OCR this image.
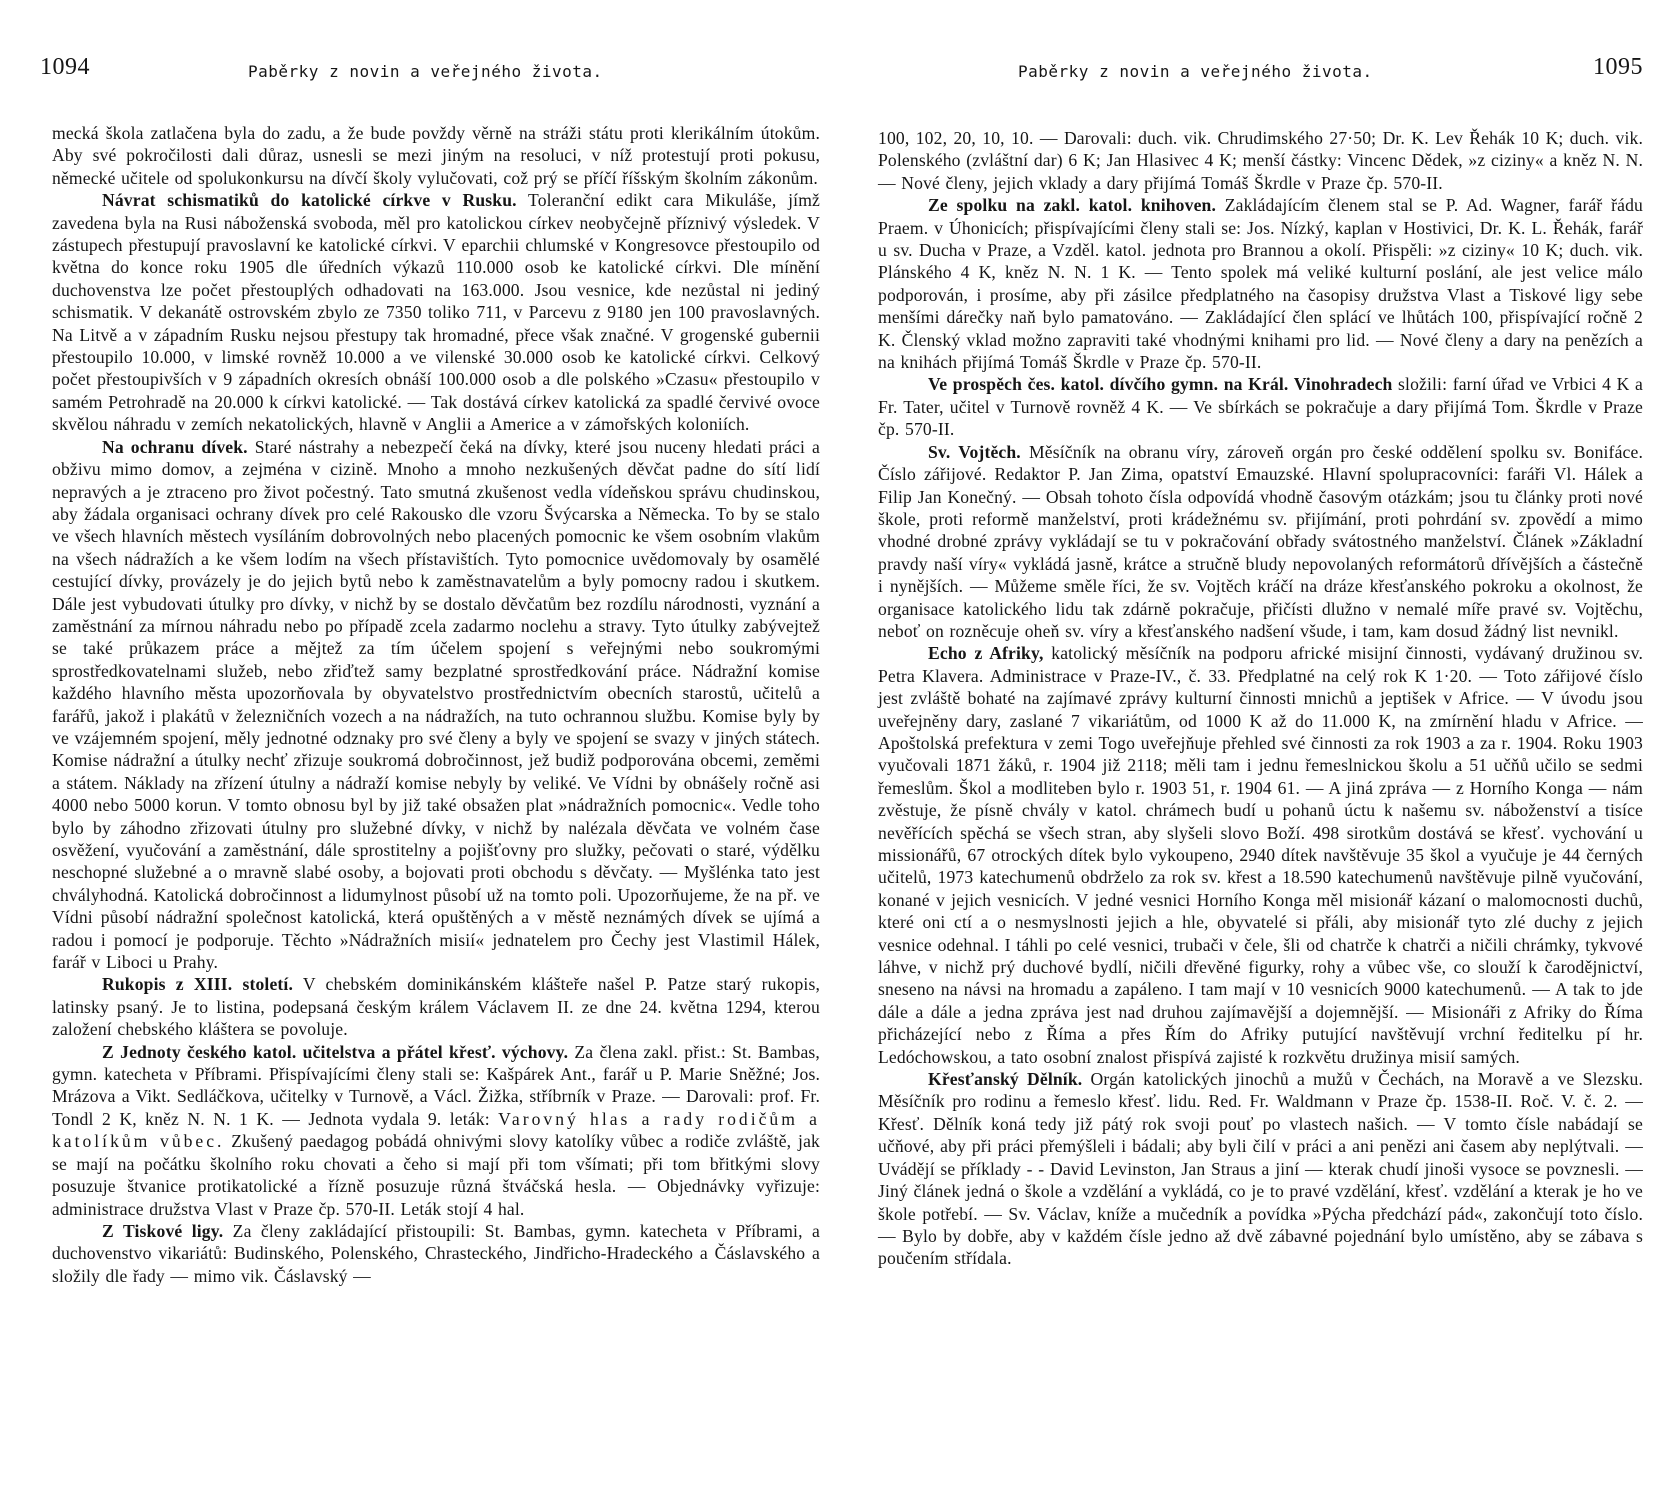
1094	Paběrky z novin a veřejného života.

mecká škola zatlačena byla do zadu, a že bude povždy věrně na stráži státu proti klerikálním útokům. Aby své pokročilosti dali důraz, usnesli se mezi jiným na resoluci, v níž protestují proti pokusu, německé učitele od spolukonkursu na dívčí školy vylučovati, což prý se příčí říšským školním zákonům.

Návrat schismatiků do katolické církve v Rusku. Toleranční edikt cara Mikuláše, jímž zavedena byla na Rusi náboženská svoboda, měl pro katolickou církev neobyčejně příznivý výsledek. V zástupech přestupují pravoslavní ke katolické církvi. V eparchii chlumské v Kongresovce přestoupilo od května do konce roku 1905 dle úředních výkazů 110.000 osob ke katolické církvi. Dle mínění duchovenstva lze počet přestouplých odhadovati na 163.000. Jsou vesnice, kde nezůstal ni jediný schismatik. V dekanátě ostrovském zbylo ze 7350 toliko 711, v Parcevu z 9180 jen 100 pravoslavných. Na Litvě a v západním Rusku nejsou přestupy tak hromadné, přece však značné. V grogenské gubernii přestoupilo 10.000, v limské rovněž 10.000 a ve vilenské 30.000 osob ke katolické církvi. Celkový počet přestoupivších v 9 západních okresích obnáší 100.000 osob a dle polského »Czasu« přestoupilo v samém Petrohradě na 20.000 k církvi katolické. — Tak dostává církev katolická za spadlé červivé ovoce skvělou náhradu v zemích nekatolických, hlavně v Anglii a Americe a v zámořských koloniích.

Na ochranu dívek. Staré nástrahy a nebezpečí čeká na dívky, které jsou nuceny hledati práci a obživu mimo domov, a zejména v cizině. Mnoho a mnoho nezkušených děvčat padne do sítí lidí nepravých a je ztraceno pro život počestný. Tato smutná zkušenost vedla vídeňskou správu chudinskou, aby žádala organisaci ochrany dívek pro celé Rakousko dle vzoru Švýcarska a Německa. To by se stalo ve všech hlavních městech vysíláním dobrovolných nebo placených pomocnic ke všem osobním vlakům na všech nádražích a ke všem lodím na všech přístavištích. Tyto pomocnice uvědomovaly by osamělé cestující dívky, provázely je do jejich bytů nebo k zaměstnavatelům a byly pomocny radou i skutkem. Dále jest vybudovati útulky pro dívky, v nichž by se dostalo děvčatům bez rozdílu národnosti, vyznání a zaměstnání za mírnou náhradu nebo po případě zcela zadarmo noclehu a stravy. Tyto útulky zabývejtež se také průkazem práce a mějtež za tím účelem spojení s veřejnými nebo soukromými sprostředkovatelnami služeb, nebo zřiďtež samy bezplatné sprostředkování práce. Nádražní komise každého hlavního města upozorňovala by obyvatelstvo prostřednictvím obecních starostů, učitelů a farářů, jakož i plakátů v železničních vozech a na nádražích, na tuto ochrannou službu. Komise byly by ve vzájemném spojení, měly jednotné odznaky pro své členy a byly ve spojení se svazy v jiných státech. Komise nádražní a útulky nechť zřizuje soukromá dobročinnost, jež budiž podporována obcemi, zeměmi a státem. Náklady na zřízení útulny a nádraží komise nebyly by veliké. Ve Vídni by obnášely ročně asi 4000 nebo 5000 korun. V tomto obnosu byl by již také obsažen plat »nádražních pomocnic«. Vedle toho bylo by záhodno zřizovati útulny pro služebné dívky, v nichž by nalézala děvčata ve volném čase osvěžení, vyučování a zaměstnání, dále sprostitelny a pojišťovny pro služky, pečovati o staré, výdělku neschopné služebné a o mravně slabé osoby, a bojovati proti obchodu s děvčaty. — Myšlénka tato jest chvályhodná. Katolická dobročinnost a lidumylnost působí už na tomto poli. Upozorňujeme, že na př. ve Vídni působí nádražní společnost katolická, která opuštěných a v městě neznámých dívek se ujímá a radou i pomocí je podporuje. Těchto »Nádražních misií« jednatelem pro Čechy jest Vlastimil Hálek, farář v Liboci u Prahy.

Rukopis z XIII. století. V chebském dominikánském klášteře našel P. Patze starý rukopis, latinsky psaný. Je to listina, podepsaná českým králem Václavem II. ze dne 24. května 1294, kterou založení chebského kláštera se povoluje.

Z Jednoty českého katol. učitelstva a přátel křesť. výchovy. Za člena zakl. přist.: St. Bambas, gymn. katecheta v Příbrami. Přispívajícími členy stali se: Kašpárek Ant., farář u P. Marie Sněžné; Jos. Mrázova a Vikt. Sedláčkova, učitelky v Turnově, a Václ. Žižka, stříbrník v Praze. — Darovali: prof. Fr. Tondl 2 K, kněz N. N. 1 K. — Jednota vydala 9. leták: Varovný hlas a rady rodičům a katolíkům vůbec. Zkušený paedagog pobádá ohnivými slovy katolíky vůbec a rodiče zvláště, jak se mají na počátku školního roku chovati a čeho si mají při tom všímati; při tom břitkými slovy posuzuje štvanice protikatolické a řízně posuzuje různá štváčská hesla. — Objednávky vyřizuje: administrace družstva Vlast v Praze čp. 570-II. Leták stojí 4 hal.

Z Tiskové ligy. Za členy zakládající přistoupili: St. Bambas, gymn. katecheta v Příbrami, a duchovenstvo vikariátů: Budinského, Polenského, Chrasteckého, Jindřicho-Hradeckého a Čáslavského a složily dle řady — mimo vik. Čáslavský —

Paběrky z novin a veřejného života.	1095

100, 102, 20, 10, 10. — Darovali: duch. vik. Chrudimského 27·50; Dr. K. Lev Řehák 10 K; duch. vik. Polenského (zvláštní dar) 6 K; Jan Hlasivec 4 K; menší částky: Vincenc Dědek, »z ciziny« a kněz N. N. — Nové členy, jejich vklady a dary přijímá Tomáš Škrdle v Praze čp. 570-II.

Ze spolku na zakl. katol. knihoven. Zakládajícím členem stal se P. Ad. Wagner, farář řádu Praem. v Úhonicích; přispívajícími členy stali se: Jos. Nízký, kaplan v Hostivici, Dr. K. L. Řehák, farář u sv. Ducha v Praze, a Vzděl. katol. jednota pro Brannou a okolí. Přispěli: »z ciziny« 10 K; duch. vik. Plánského 4 K, kněz N. N. 1 K. — Tento spolek má veliké kulturní poslání, ale jest velice málo podporován, i prosíme, aby při zásilce předplatného na časopisy družstva Vlast a Tiskové ligy sebe menšími dárečky naň bylo pamatováno. — Zakládající člen splácí ve lhůtách 100, přispívající ročně 2 K. Členský vklad možno zapraviti také vhodnými knihami pro lid. — Nové členy a dary na penězích a na knihách přijímá Tomáš Škrdle v Praze čp. 570-II.

Ve prospěch čes. katol. dívčího gymn. na Král. Vinohradech složili: farní úřad ve Vrbici 4 K a Fr. Tater, učitel v Turnově rovněž 4 K. — Ve sbírkách se pokračuje a dary přijímá Tom. Škrdle v Praze čp. 570-II.

Sv. Vojtěch. Měsíčník na obranu víry, zároveň orgán pro české oddělení spolku sv. Bonifáce. Číslo zářijové. Redaktor P. Jan Zima, opatství Emauzské. Hlavní spolupracovníci: faráři Vl. Hálek a Filip Jan Konečný. — Obsah tohoto čísla odpovídá vhodně časovým otázkám; jsou tu články proti nové škole, proti reformě manželství, proti krádežnému sv. přijímání, proti pohrdání sv. zpovědí a mimo vhodné drobné zprávy vykládají se tu v pokračování obřady svátostného manželství. Článek »Základní pravdy naší víry« vykládá jasně, krátce a stručně bludy nepovolaných reformátorů dřívějších a částečně i nynějších. — Můžeme směle říci, že sv. Vojtěch kráčí na dráze křesťanského pokroku a okolnost, že organisace katolického lidu tak zdárně pokračuje, přičísti dlužno v nemalé míře pravé sv. Vojtěchu, neboť on rozněcuje oheň sv. víry a křesťanského nadšení všude, i tam, kam dosud žádný list nevnikl.

Echo z Afriky, katolický měsíčník na podporu africké misijní činnosti, vydávaný družinou sv. Petra Klavera. Administrace v Praze-IV., č. 33. Předplatné na celý rok K 1·20. — Toto zářijové číslo jest zvláště bohaté na zajímavé zprávy kulturní činnosti mnichů a jeptišek v Africe. — V úvodu jsou uveřejněny dary, zaslané 7 vikariátům, od 1000 K až do 11.000 K, na zmírnění hladu v Africe. — Apoštolská prefektura v zemi Togo uveřejňuje přehled své činnosti za rok 1903 a za r. 1904. Roku 1903 vyučovali 1871 žáků, r. 1904 již 2118; měli tam i jednu řemeslnickou školu a 51 učňů učilo se sedmi řemeslům. Škol a modliteben bylo r. 1903 51, r. 1904 61. — A jiná zpráva — z Horního Konga — nám zvěstuje, že písně chvály v katol. chrámech budí u pohanů úctu k našemu sv. náboženství a tisíce nevěřících spěchá se všech stran, aby slyšeli slovo Boží. 498 sirotkům dostává se křesť. vychování u missionářů, 67 otrockých dítek bylo vykoupeno, 2940 dítek navštěvuje 35 škol a vyučuje je 44 černých učitelů, 1973 katechumenů obdrželo za rok sv. křest a 18.590 katechumenů navštěvuje pilně vyučování, konané v jejich vesnicích. V jedné vesnici Horního Konga měl misionář kázaní o malomocnosti duchů, které oni ctí a o nesmyslnosti jejich a hle, obyvatelé si přáli, aby misionář tyto zlé duchy z jejich vesnice odehnal. I táhli po celé vesnici, trubači v čele, šli od chatrče k chatrči a ničili chrámky, tykvové láhve, v nichž prý duchové bydlí, ničili dřevěné figurky, rohy a vůbec vše, co slouží k čarodějnictví, sneseno na návsi na hromadu a zapáleno. I tam mají v 10 vesnicích 9000 katechumenů. — A tak to jde dále a dále a jedna zpráva jest nad druhou zajímavější a dojemnější. — Misionáři z Afriky do Říma přicházející nebo z Říma a přes Řím do Afriky putující navštěvují vrchní ředitelku pí hr. Ledóchowskou, a tato osobní znalost přispívá zajisté k rozkvětu družinya misií samých.

Křesťanský Dělník. Orgán katolických jinochů a mužů v Čechách, na Moravě a ve Slezsku. Měsíčník pro rodinu a řemeslo křesť. lidu. Red. Fr. Waldmann v Praze čp. 1538-II. Roč. V. č. 2. — Křesť. Dělník koná tedy již pátý rok svoji pouť po vlastech našich. — V tomto čísle nabádají se učňové, aby při práci přemýšleli i bádali; aby byli čilí v práci a ani penězi ani časem aby neplýtvali. — Uvádějí se příklady - - David Levinston, Jan Straus a jiní — kterak chudí jinoši vysoce se povznesli. — Jiný článek jedná o škole a vzdělání a vykládá, co je to pravé vzdělání, křesť. vzdělání a kterak je ho ve škole potřebí. — Sv. Václav, kníže a mučedník a povídka »Pýcha předchází pád«, zakončují toto číslo. — Bylo by dobře, aby v každém čísle jedno až dvě zábavné pojednání bylo umístěno, aby se zábava s poučením střídala.
